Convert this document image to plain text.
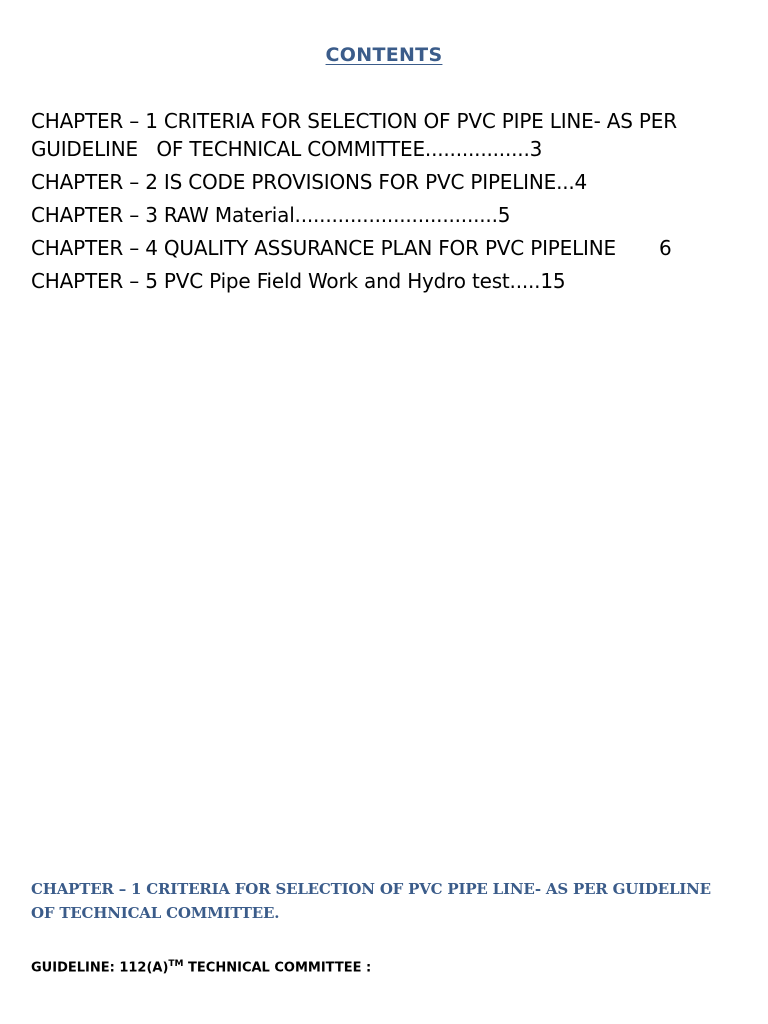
CONTENTS
CHAPTER – 1 CRITERIA FOR SELECTION OF PVC PIPE LINE- AS PER GUIDELINE   OF TECHNICAL COMMITTEE.................3
CHAPTER – 2 IS CODE PROVISIONS FOR PVC PIPELINE...4
CHAPTER – 3 RAW Material.................................5
CHAPTER – 4 QUALITY ASSURANCE PLAN FOR PVC PIPELINE       6
CHAPTER – 5 PVC Pipe Field Work and Hydro test.....15
CHAPTER – 1 CRITERIA FOR SELECTION OF PVC PIPE LINE- AS PER GUIDELINE OF TECHNICAL COMMITTEE.
GUIDELINE: 112(A)™ TECHNICAL COMMITTEE :
